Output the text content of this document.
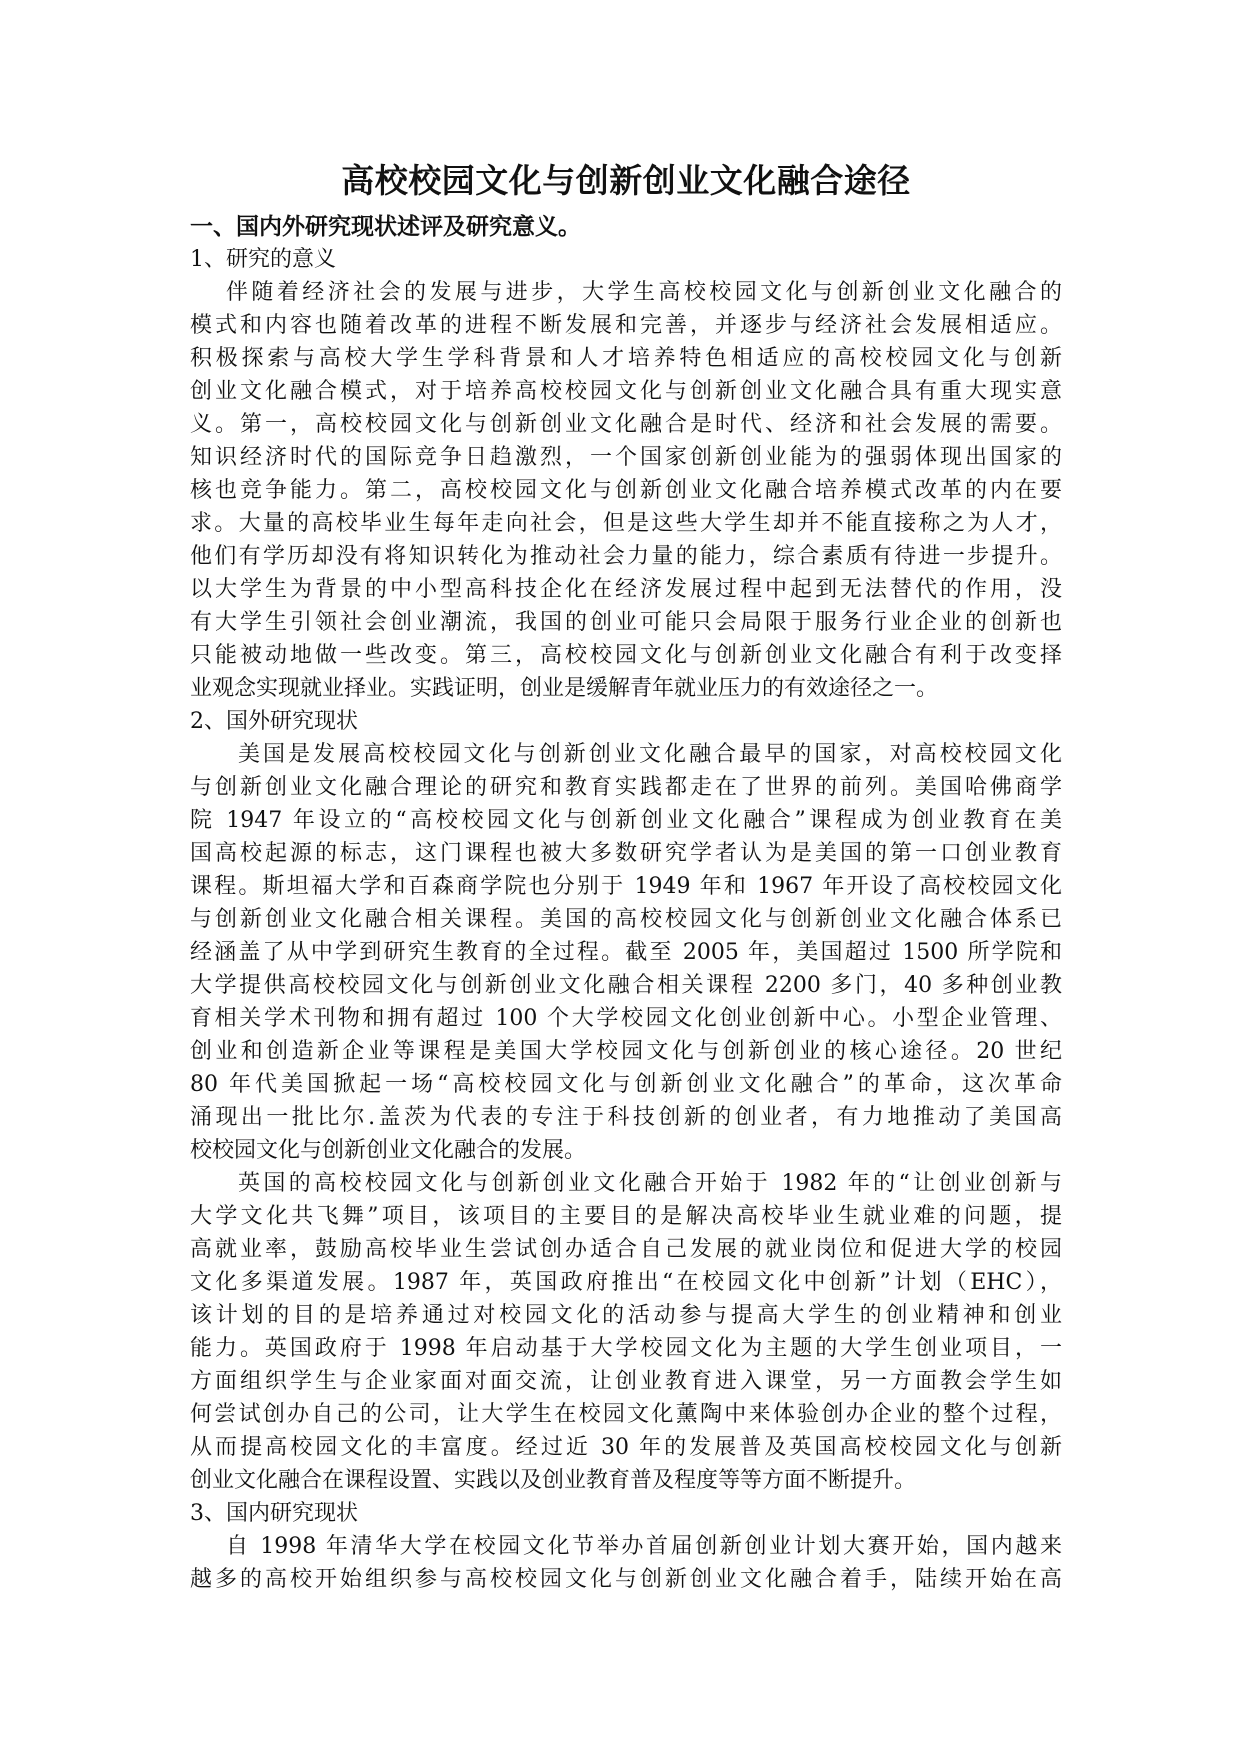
高校校园文化与创新创业文化融合途径

一、国内外研究现状述评及研究意义。

1、研究的意义

伴随着经济社会的发展与进步，大学生高校校园文化与创新创业文化融合的
模式和内容也随着改革的进程不断发展和完善，并逐步与经济社会发展相适应。
积极探索与高校大学生学科背景和人才培养特色相适应的高校校园文化与创新
创业文化融合模式，对于培养高校校园文化与创新创业文化融合具有重大现实意
义。第一，高校校园文化与创新创业文化融合是时代、经济和社会发展的需要。
知识经济时代的国际竞争日趋激烈，一个国家创新创业能为的强弱体现出国家的
核也竞争能力。第二，高校校园文化与创新创业文化融合培养模式改革的内在要
求。大量的高校毕业生每年走向社会，但是这些大学生却并不能直接称之为人才，
他们有学历却没有将知识转化为推动社会力量的能力，综合素质有待进一步提升。
以大学生为背景的中小型高科技企化在经济发展过程中起到无法替代的作用，没
有大学生引领社会创业潮流，我国的创业可能只会局限于服务行业企业的创新也
只能被动地做一些改变。第三，高校校园文化与创新创业文化融合有利于改变择
业观念实现就业择业。实践证明，创业是缓解青年就业压力的有效途径之一。

2、国外研究现状

美国是发展高校校园文化与创新创业文化融合最早的国家，对高校校园文化
与创新创业文化融合理论的研究和教育实践都走在了世界的前列。美国哈佛商学
院 1947 年设立的“高校校园文化与创新创业文化融合”课程成为创业教育在美
国高校起源的标志，这门课程也被大多数研究学者认为是美国的第一口创业教育
课程。斯坦福大学和百森商学院也分别于 1949 年和 1967 年开设了高校校园文化
与创新创业文化融合相关课程。美国的高校校园文化与创新创业文化融合体系已
经涵盖了从中学到研究生教育的全过程。截至 2005 年，美国超过 1500 所学院和
大学提供高校校园文化与创新创业文化融合相关课程 2200 多门，40 多种创业教
育相关学术刊物和拥有超过 100 个大学校园文化创业创新中心。小型企业管理、
创业和创造新企业等课程是美国大学校园文化与创新创业的核心途径。20 世纪
80 年代美国掀起一场“高校校园文化与创新创业文化融合”的革命，这次革命
涌现出一批比尔.盖茨为代表的专注于科技创新的创业者，有力地推动了美国高
校校园文化与创新创业文化融合的发展。
英国的高校校园文化与创新创业文化融合开始于 1982 年的“让创业创新与
大学文化共飞舞”项目，该项目的主要目的是解决高校毕业生就业难的问题，提
高就业率，鼓励高校毕业生尝试创办适合自己发展的就业岗位和促进大学的校园
文化多渠道发展。1987 年，英国政府推出“在校园文化中创新”计划（EHC），
该计划的目的是培养通过对校园文化的活动参与提高大学生的创业精神和创业
能力。英国政府于 1998 年启动基于大学校园文化为主题的大学生创业项目，一
方面组织学生与企业家面对面交流，让创业教育进入课堂，另一方面教会学生如
何尝试创办自己的公司，让大学生在校园文化薰陶中来体验创办企业的整个过程，
从而提高校园文化的丰富度。经过近 30 年的发展普及英国高校校园文化与创新
创业文化融合在课程设置、实践以及创业教育普及程度等等方面不断提升。

3、国内研究现状

自 1998 年清华大学在校园文化节举办首届创新创业计划大赛开始，国内越来
越多的高校开始组织参与高校校园文化与创新创业文化融合着手，陆续开始在高
